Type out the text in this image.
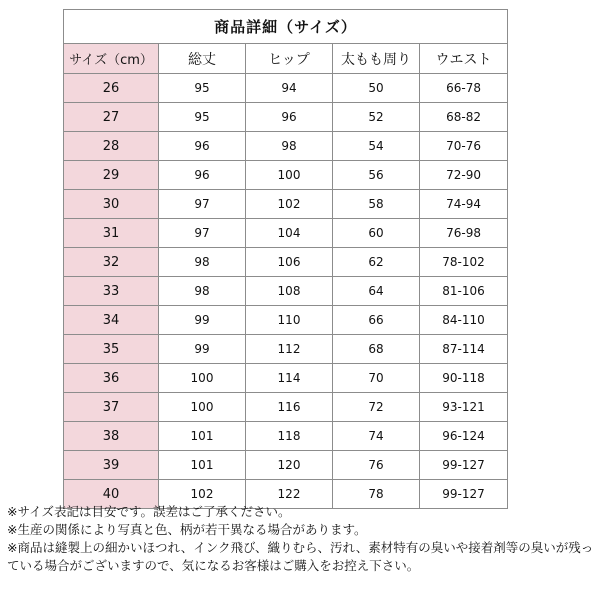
商品詳細（サイズ）				
サイズ（cm）	総丈	ヒップ	太もも周り	ウエスト
26	95	94	50	66-78
27	95	96	52	68-82
28	96	98	54	70-76
29	96	100	56	72-90
30	97	102	58	74-94
31	97	104	60	76-98
32	98	106	62	78-102
33	98	108	64	81-106
34	99	110	66	84-110
35	99	112	68	87-114
36	100	114	70	90-118
37	100	116	72	93-121
38	101	118	74	96-124
39	101	120	76	99-127
40	102	122	78	99-127
※サイズ表記は目安です。誤差はご了承ください。
※生産の関係により写真と色、柄が若干異なる場合があります。
※商品は縫製上の細かいほつれ、インク飛び、織りむら、汚れ、素材特有の臭いや接着剤等の臭いが残っている場合がございますので、気になるお客様はご購入をお控え下さい。
